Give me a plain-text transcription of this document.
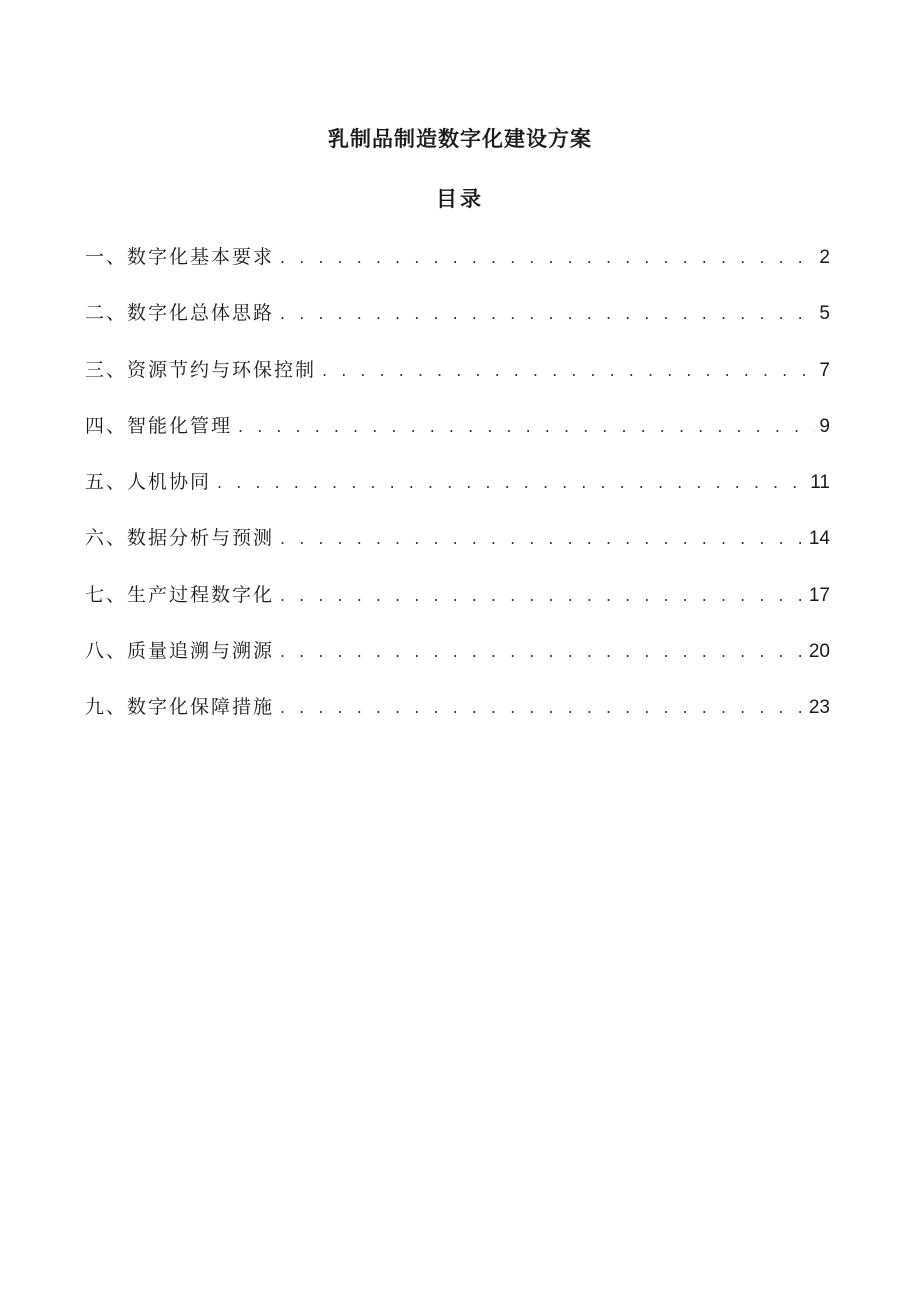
乳制品制造数字化建设方案
目录
一、数字化基本要求 . . .	2
二、数字化总体思路 . . .	5
三、资源节约与环保控制 . . .	7
四、智能化管理 . . .	9
五、人机协同 . . .	11
六、数据分析与预测 . . .	14
七、生产过程数字化 . . .	17
八、质量追溯与溯源 . . .	20
九、数字化保障措施 . . .	23
